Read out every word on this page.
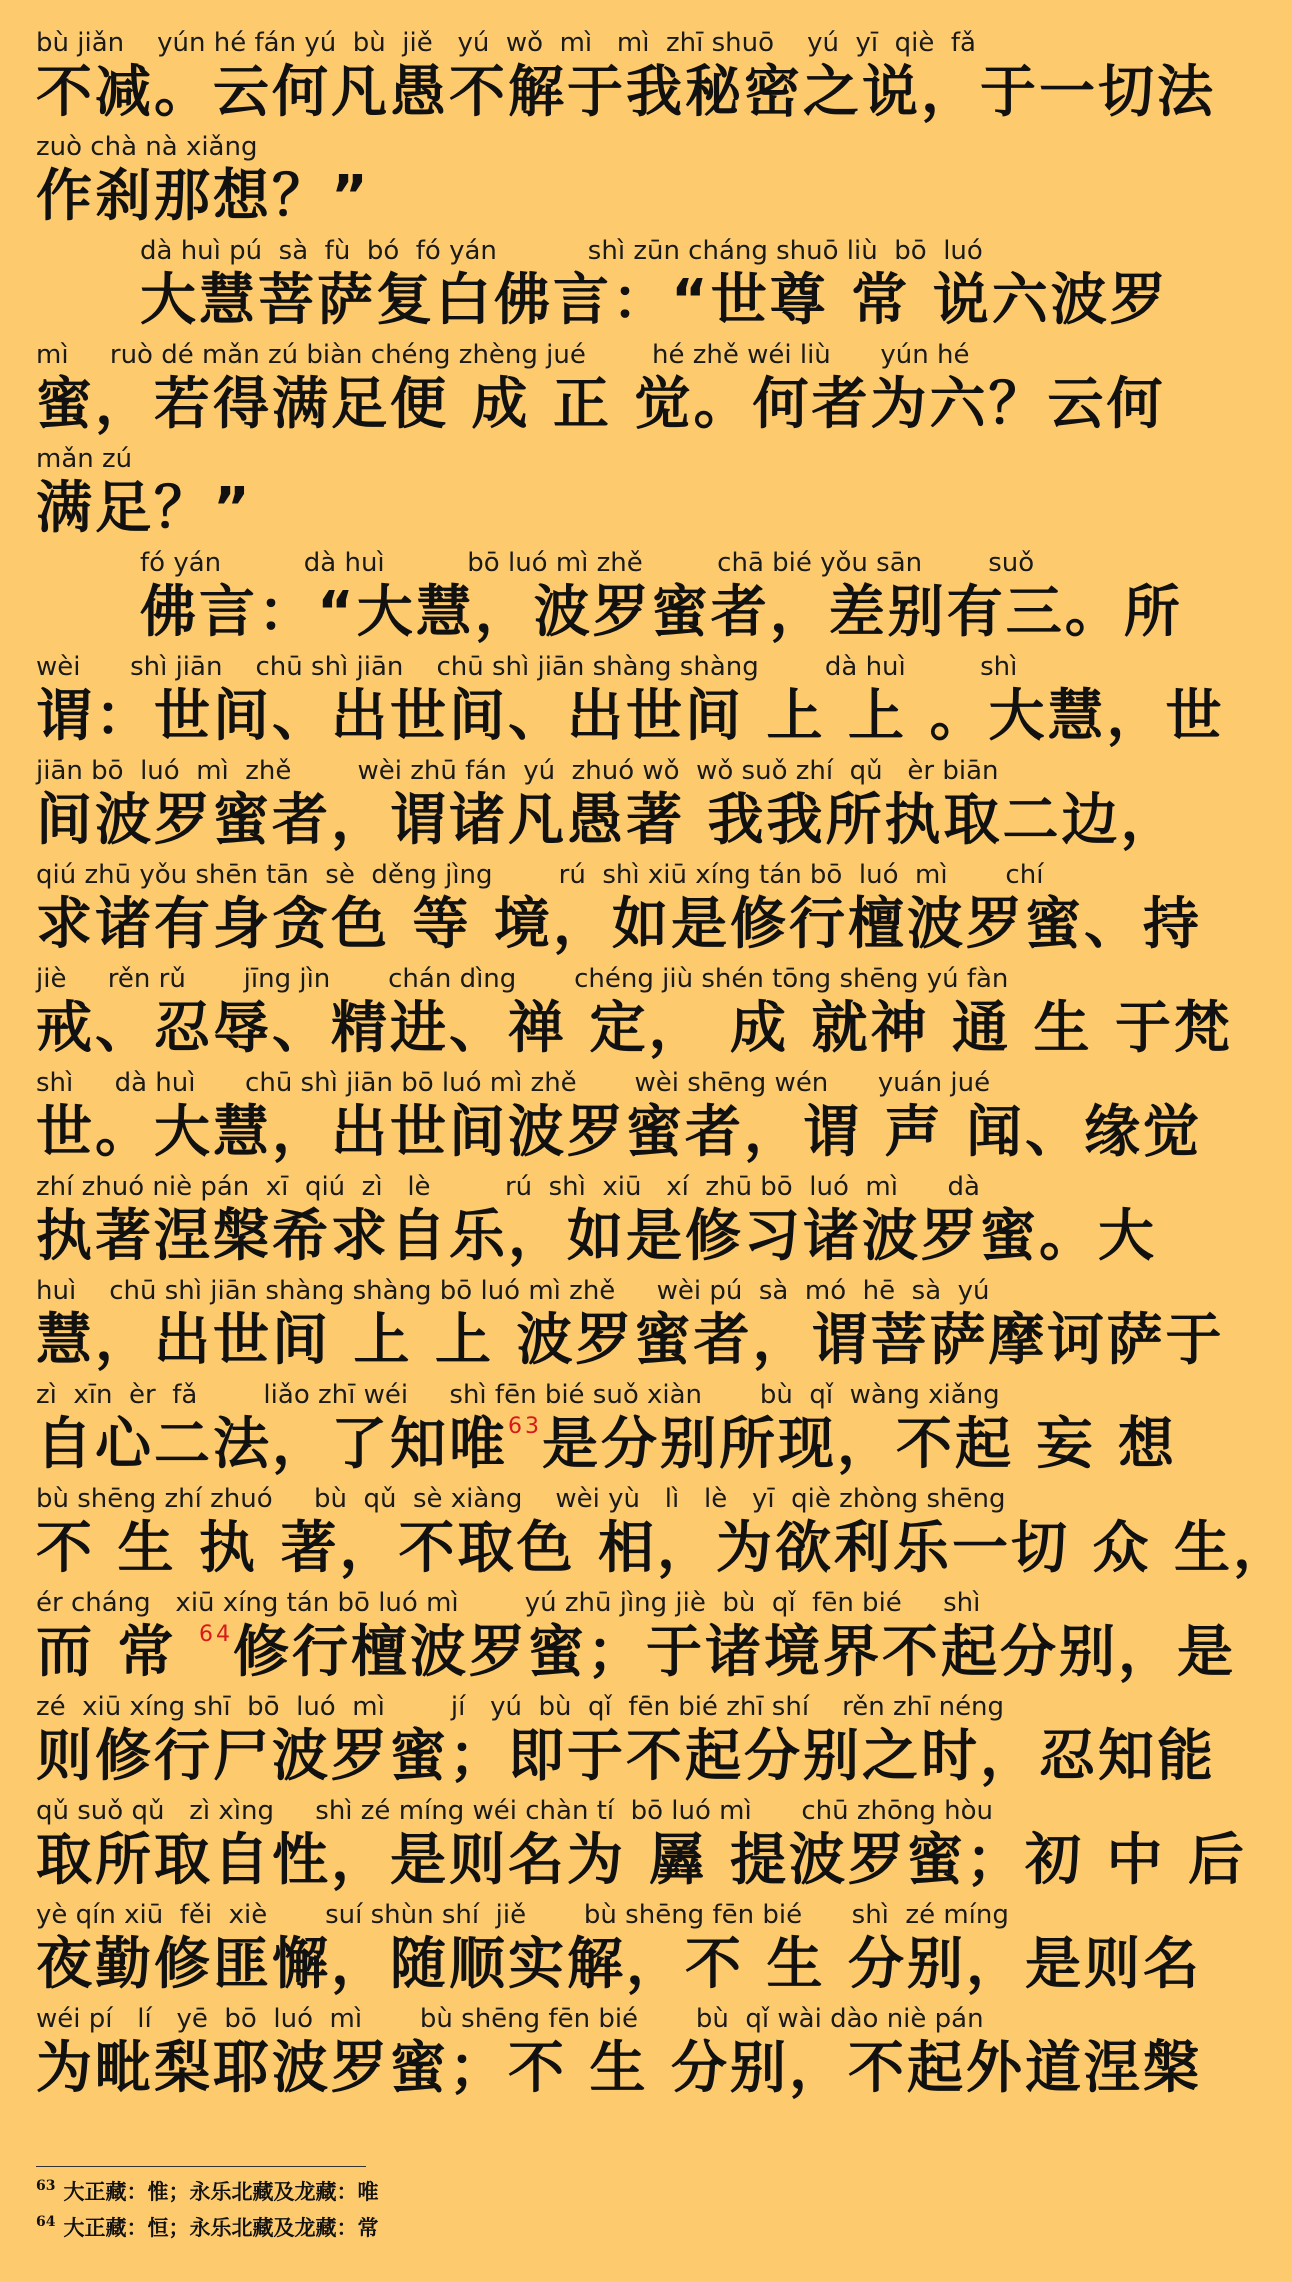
bù jiǎn    yún hé fán yú  bù  jiě   yú  wǒ  mì   mì  zhī shuō    yú  yī  qiè  fǎ
不减。云何凡愚不解于我秘密之说，于一切法
zuò chà nà xiǎng
作刹那想？”
dà huì pú  sà  fù  bó  fó yán           shì zūn cháng shuō liù  bō  luó
大慧菩萨复白佛言：“世尊 常 说六波罗
mì     ruò dé mǎn zú biàn chéng zhèng jué        hé zhě wéi liù      yún hé
蜜，若得满足便 成 正 觉。何者为六？云何
mǎn zú
满足？”
fó yán          dà huì          bō luó mì zhě         chā bié yǒu sān        suǒ
佛言：“大慧，波罗蜜者，差别有三。所
wèi      shì jiān    chū shì jiān    chū shì jiān shàng shàng        dà huì         shì
谓：世间、出世间、出世间 上 上 。大慧，世
jiān bō  luó  mì  zhě        wèi zhū fán  yú  zhuó wǒ  wǒ suǒ zhí  qǔ   èr biān
间波罗蜜者，谓诸凡愚著 我我所执取二边，
qiú zhū yǒu shēn tān  sè  děng jìng        rú  shì xiū xíng tán bō  luó  mì       chí
求诸有身贪色 等 境，如是修行檀波罗蜜、持
jiè     rěn rǔ       jīng jìn       chán dìng       chéng jiù shén tōng shēng yú fàn
戒、忍辱、精进、禅 定， 成 就神 通 生 于梵
shì     dà huì      chū shì jiān bō luó mì zhě       wèi shēng wén      yuán jué
世。大慧，出世间波罗蜜者，谓 声 闻、缘觉
zhí zhuó niè pán  xī  qiú  zì   lè         rú  shì  xiū   xí  zhū bō  luó  mì      dà
执著涅槃希求自乐，如是修习诸波罗蜜。大
huì    chū shì jiān shàng shàng bō luó mì zhě     wèi pú  sà  mó  hē  sà  yú
慧，出世间 上 上 波罗蜜者，谓菩萨摩诃萨于
zì  xīn  èr  fǎ        liǎo zhī wéi     shì fēn bié suǒ xiàn       bù  qǐ  wàng xiǎng
自心二法，了知唯$^{63}$是分别所现，不起 妄 想
bù shēng zhí zhuó     bù  qǔ  sè xiàng    wèi yù   lì   lè   yī  qiè zhòng shēng
不 生 执 著，不取色 相，为欲利乐一切 众 生，
ér cháng   xiū xíng tán bō luó mì        yú zhū jìng jiè  bù  qǐ  fēn bié     shì
而 常 $^{64}$修行檀波罗蜜；于诸境界不起分别，是
zé  xiū xíng shī  bō  luó  mì        jí   yú  bù  qǐ  fēn bié zhī shí    rěn zhī néng
则修行尸波罗蜜；即于不起分别之时，忍知能
qǔ suǒ qǔ   zì xìng     shì zé míng wéi chàn tí  bō luó mì      chū zhōng hòu
取所取自性，是则名为 羼 提波罗蜜；初 中 后
yè qín xiū  fěi  xiè       suí shùn shí  jiě       bù shēng fēn bié      shì  zé míng
夜勤修匪懈，随顺实解，不 生 分别，是则名
wéi pí   lí   yē  bō  luó  mì       bù shēng fēn bié       bù  qǐ wài dào niè pán
为毗梨耶波罗蜜；不 生 分别，不起外道涅槃
$^{63}$ 大正藏：惟；永乐北藏及龙藏：唯
$^{64}$ 大正藏：恒；永乐北藏及龙藏：常
